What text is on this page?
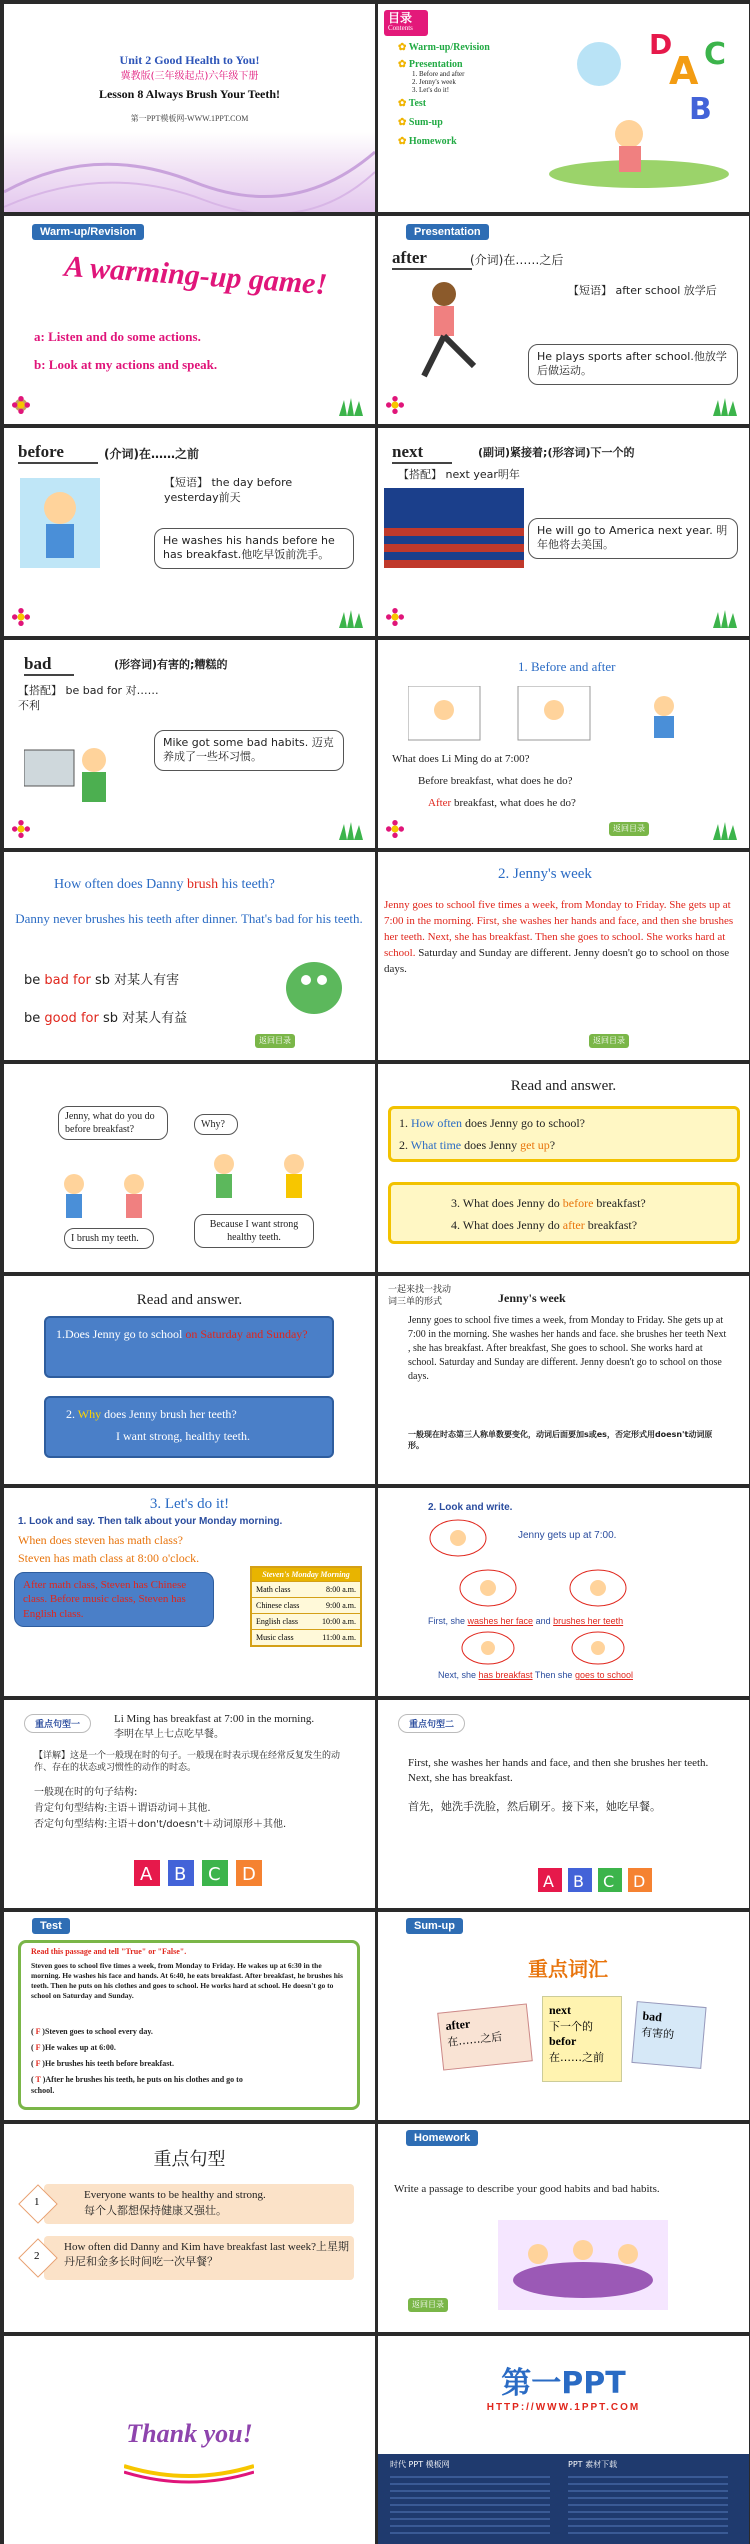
Unit 2 Good Health to You!
冀教版(三年级起点)六年级下册
Lesson 8 Always Brush Your Teeth!
第一PPT模板网-WWW.1PPT.COM
目录
Contents
✿ Warm-up/Revision
✿ Presentation
1. Before and after
2. Jenny's week
3. Let's do it!
✿ Test
✿ Sum-up
✿ Homework
A C
D
B
Warm-up/Revision
A warming-up game!
a: Listen and do some actions.
b: Look at my actions and speak.
Presentation
after	(介词)在……之后
【短语】 after school 放学后
He plays sports after school.他放学后做运动。
before	(介词)在……之前
【短语】 the day before yesterday前天
He washes his hands before he has breakfast.他吃早饭前洗手。
next	(副词)紧接着;(形容词)下一个的
【搭配】 next year明年
He will go to America next year. 明年他将去美国。
bad	(形容词)有害的;糟糕的
【搭配】 be bad for 对……不利
Mike got some bad habits. 迈克养成了一些坏习惯。
1. Before and after
What does Li Ming do at 7:00?
Before breakfast, what does he do?
After breakfast, what does he do?
返回目录
How often does Danny brush his teeth?
Danny never brushes his teeth after dinner. That's bad for his teeth.
be bad for sb 对某人有害
be good for sb 对某人有益
返回目录
2. Jenny's week
Jenny goes to school five times a week, from Monday to Friday. She gets up at 7:00 in the morning. First, she washes her hands and face, and then she brushes her teeth. Next, she has breakfast. Then she goes to school. She works hard at school. Saturday and Sunday are different. Jenny doesn't go to school on those days.
返回目录
Jenny, what do you do before breakfast?
I brush my teeth.
Why?
Because I want strong healthy teeth.
Read and answer.
1. How often does Jenny go to school?
2. What time does Jenny get up?
3. What does Jenny do before breakfast?
4. What does Jenny do after breakfast?
Read and answer.
1.Does Jenny go to school on Saturday and Sunday?
2. Why does Jenny brush her teeth?
I want strong, healthy teeth.
一起来找一找动词三单的形式	Jenny's week
Jenny goes to school five times a week, from Monday to Friday. She gets up at 7:00 in the morning. She washes her hands and face. she brushes her teeth Next , she has breakfast. After breakfast, She goes to school. She works hard at school. Saturday and Sunday are different. Jenny doesn't go to school on those days.
一般现在时态第三人称单数要变化，动词后面要加s或es，否定形式用doesn't动词原形。
3. Let's do it!
1. Look and say. Then talk about your Monday morning.
When does steven has math class?
Steven has math class at 8:00 o'clock.
After math class, Steven has Chinese class. Before music class, Steven has English class.
Steven's Monday Morning
Math class	8:00 a.m.
Chinese class	9:00 a.m.
English class	10:00 a.m.
Music class	11:00 a.m.
2. Look and write.
Jenny gets up at 7:00.
First, she washes her face and brushes her teeth
Next, she has breakfast Then she goes to school
重点句型一	Li Ming has breakfast at 7:00 in the morning.
李明在早上七点吃早餐。
【详解】这是一个一般现在时的句子。一般现在时表示现在经常反复发生的动作、存在的状态或习惯性的动作的时态。
一般现在时的句子结构:
肯定句句型结构:主语＋谓语动词＋其他.
否定句句型结构:主语＋don't/doesn't＋动词原形＋其他.
A B C D
重点句型二
First, she washes her hands and face, and then she brushes her teeth. Next, she has breakfast.
首先，她洗手洗脸，然后刷牙。接下来，她吃早餐。
A B C D
Test
Read this passage and tell "True" or "False".
Steven goes to school five times a week, from Monday to Friday. He wakes up at 6:30 in the morning. He washes his face and hands. At 6:40, he eats breakfast. After breakfast, he brushes his teeth. Then he puts on his clothes and goes to school. He works hard at school. He doesn't go to school on Saturday and Sunday.
( F )Steven goes to school every day.
( F )He wakes up at 6:00.
( F )He brushes his teeth before breakfast.
( T )After he brushes his teeth, he puts on his clothes and go to school.
Sum-up
重点词汇
after
在……之后
next
下一个的
befor
在……之前
bad
有害的
重点句型
1
Everyone wants to be healthy and strong.
每个人都想保持健康又强壮。
2
How often did Danny and Kim have breakfast last week?上星期丹尼和金多长时间吃一次早餐？
Homework
Write a passage to describe your good habits and bad habits.
返回目录
Thank you!
第一PPT
HTTP://WWW.1PPT.COM
时代 PPT 模板网	PPT 素材下载
